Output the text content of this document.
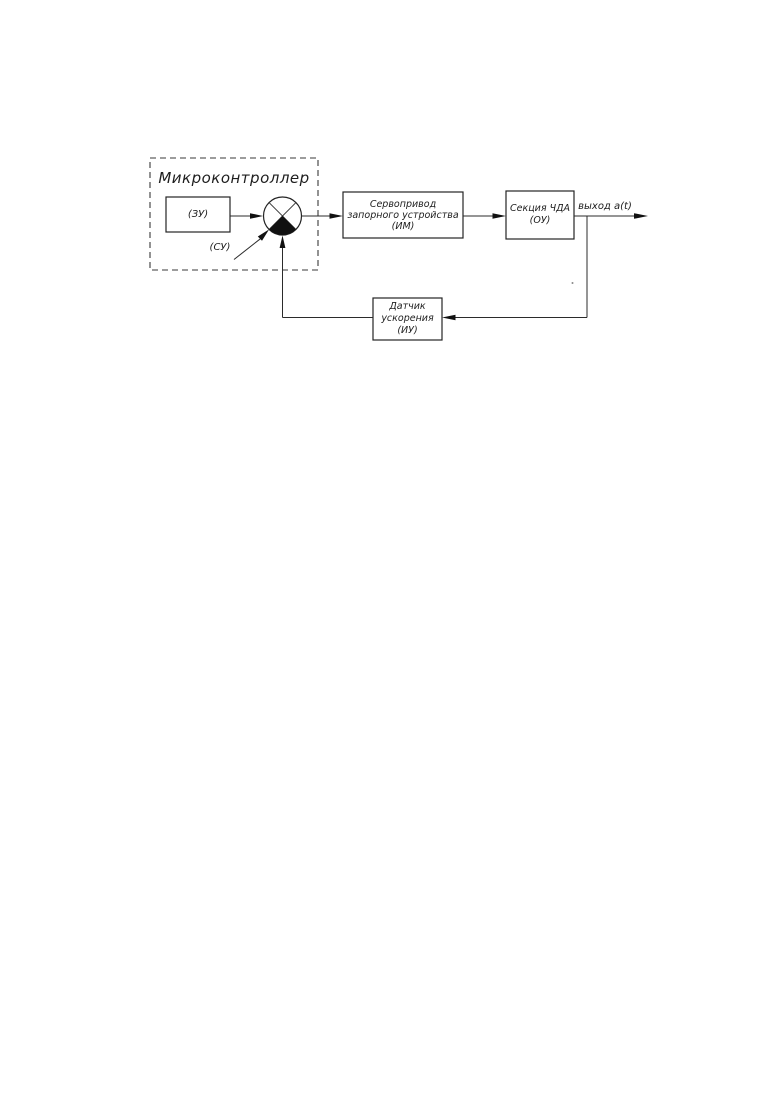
Микроконтроллер
(ЗУ)
(СУ)
Сервопривод
запорного устройства
(ИМ)
Секция ЧДА
(ОУ)
Датчик
ускорения
(ИУ)
выход a(t)
